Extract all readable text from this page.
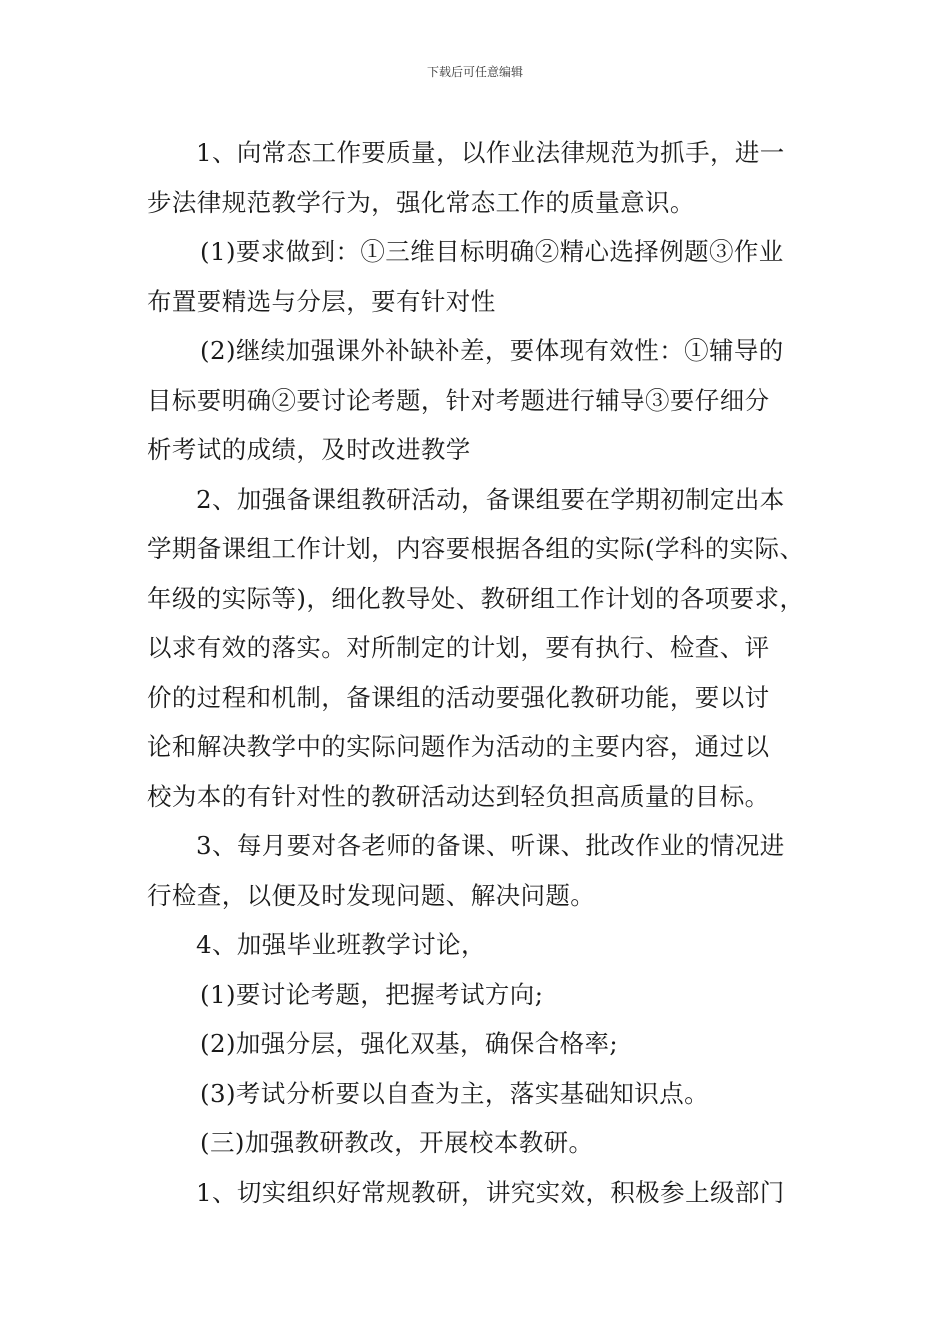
下载后可任意编辑
1、向常态工作要质量，以作业法律规范为抓手，进一
步法律规范教学行为，强化常态工作的质量意识。
(1)要求做到：①三维目标明确②精心选择例题③作业
布置要精选与分层，要有针对性
(2)继续加强课外补缺补差，要体现有效性：①辅导的
目标要明确②要讨论考题，针对考题进行辅导③要仔细分
析考试的成绩，及时改进教学
2、加强备课组教研活动，备课组要在学期初制定出本
学期备课组工作计划，内容要根据各组的实际(学科的实际、
年级的实际等)，细化教导处、教研组工作计划的各项要求，
以求有效的落实。对所制定的计划，要有执行、检查、评
价的过程和机制，备课组的活动要强化教研功能，要以讨
论和解决教学中的实际问题作为活动的主要内容，通过以
校为本的有针对性的教研活动达到轻负担高质量的目标。
3、每月要对各老师的备课、听课、批改作业的情况进
行检查，以便及时发现问题、解决问题。
4、加强毕业班教学讨论，
(1)要讨论考题，把握考试方向;
(2)加强分层，强化双基，确保合格率;
(3)考试分析要以自查为主，落实基础知识点。
(三)加强教研教改，开展校本教研。
1、切实组织好常规教研，讲究实效，积极参上级部门
